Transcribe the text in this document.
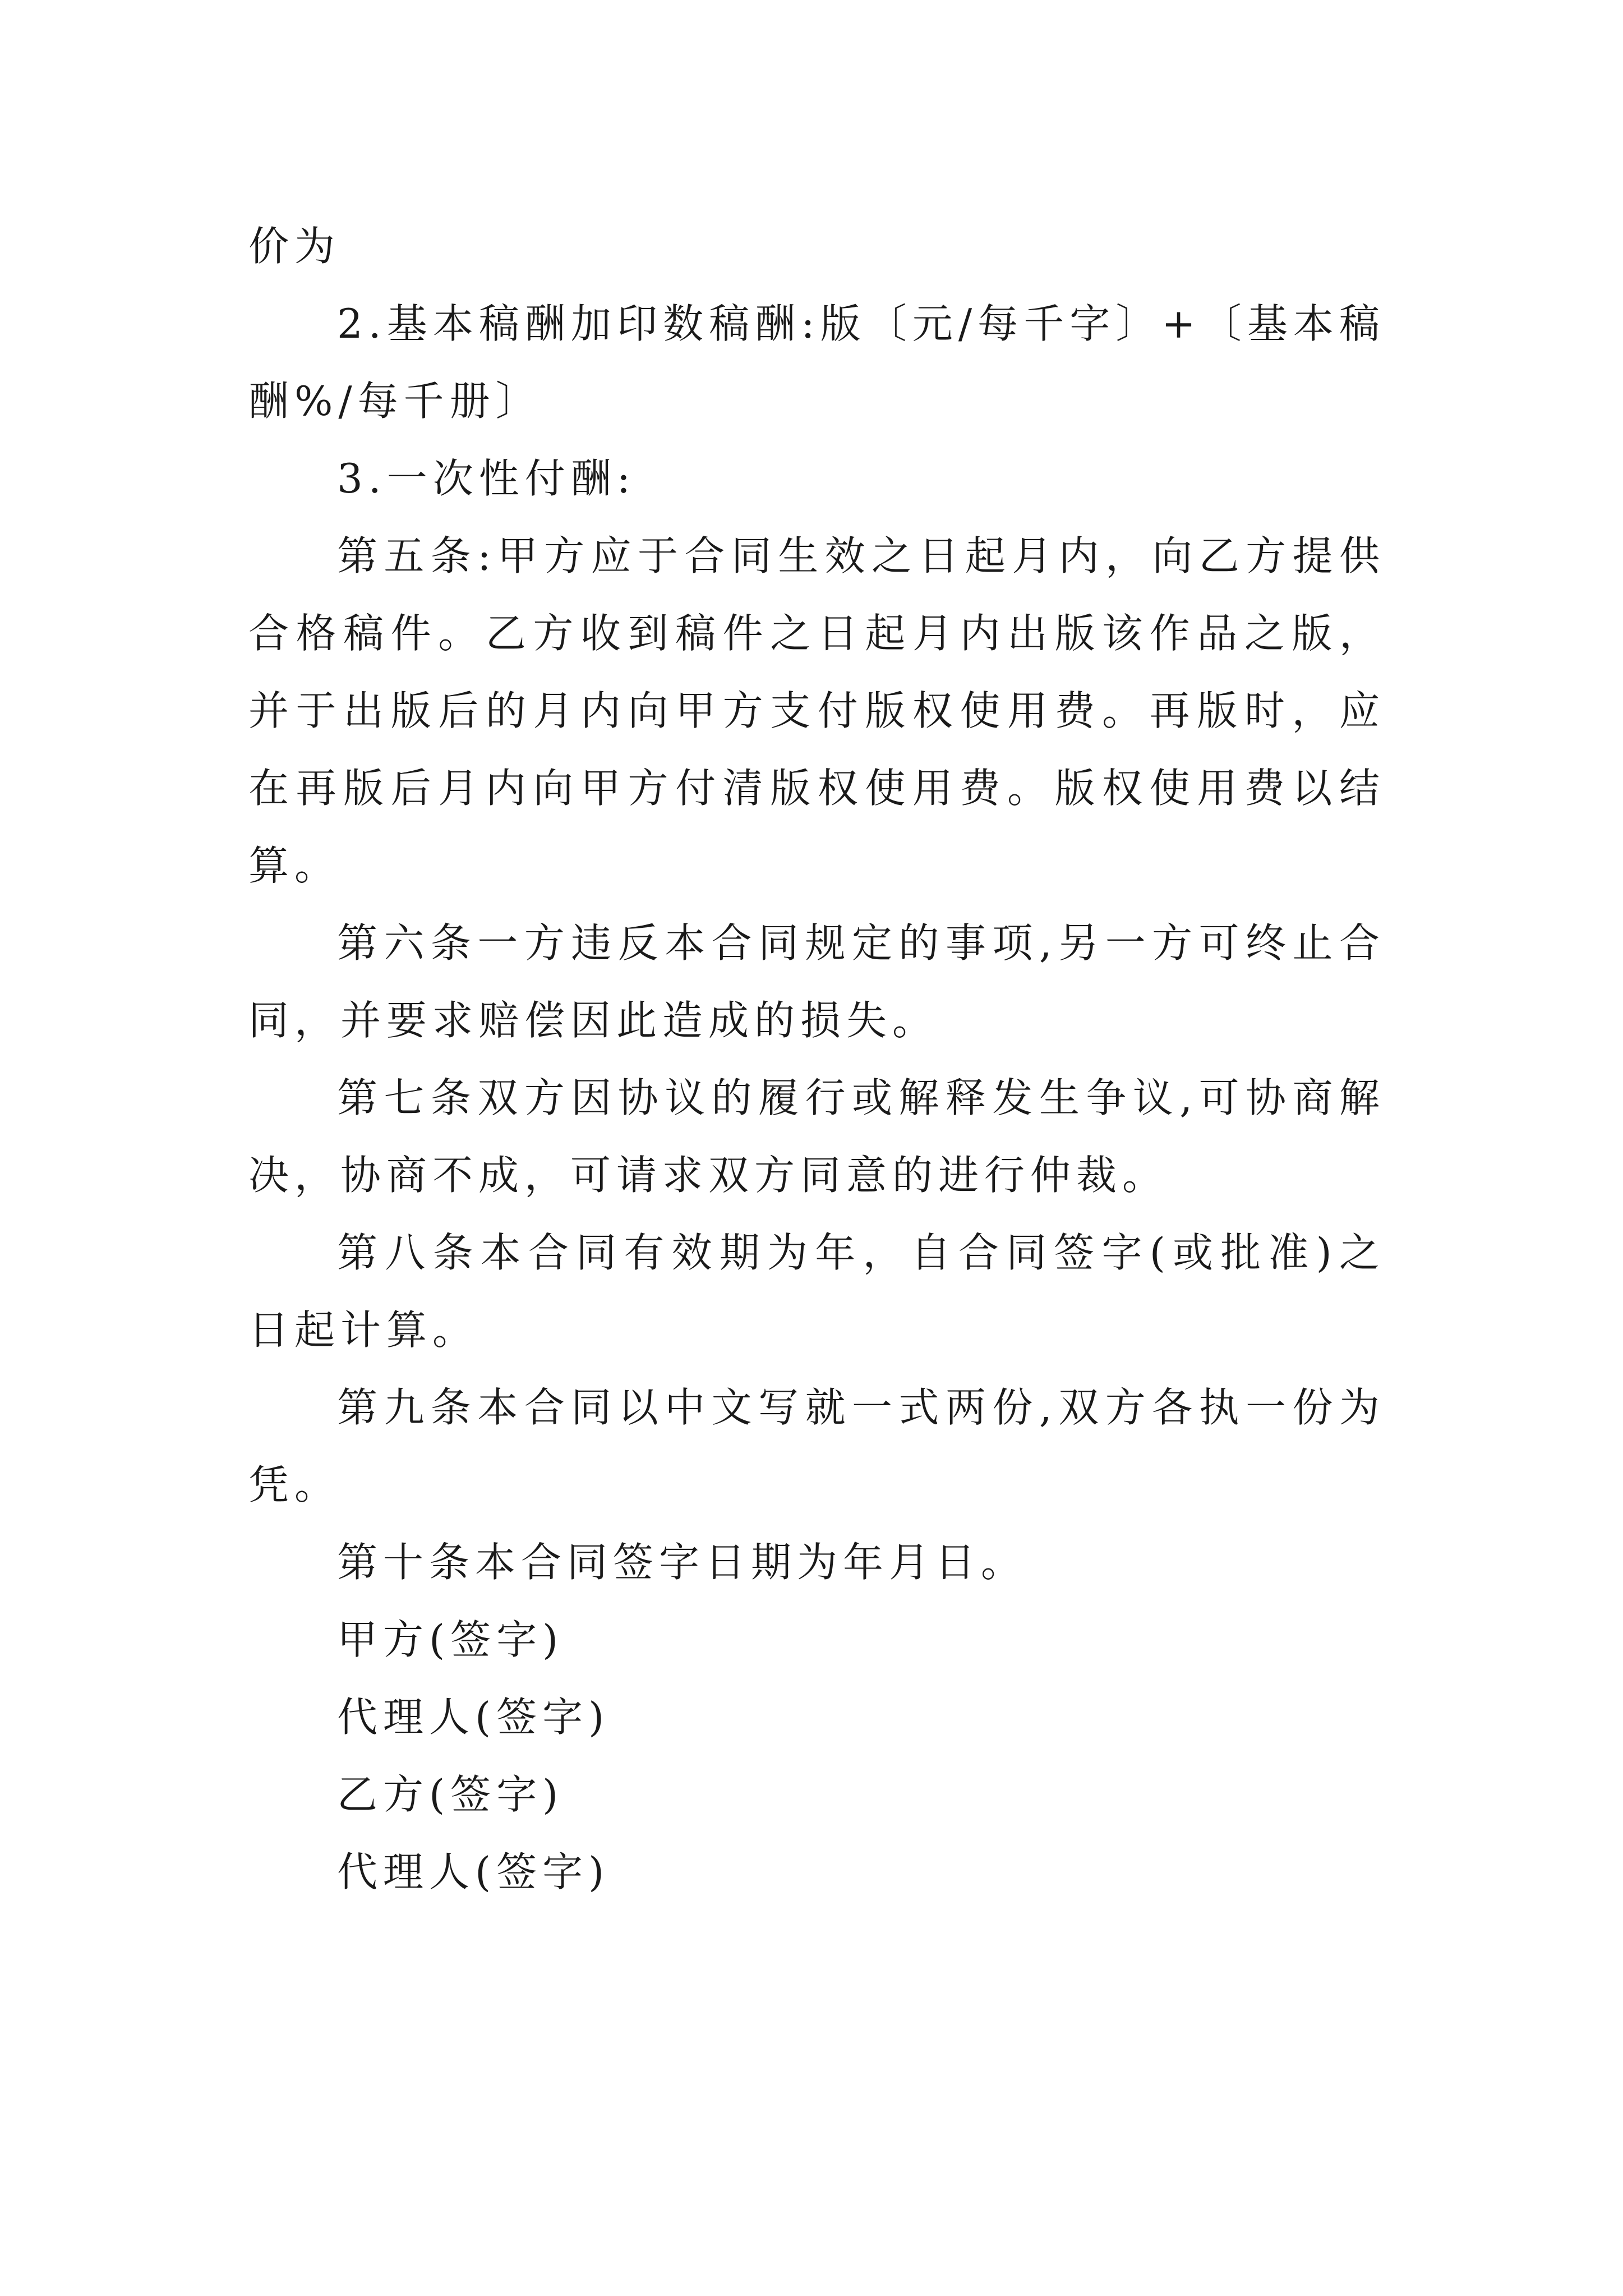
价为

2.基本稿酬加印数稿酬:版〔元/每千字〕+〔基本稿酬%/每千册〕

3.一次性付酬:

第五条:甲方应于合同生效之日起月内，向乙方提供合格稿件。乙方收到稿件之日起月内出版该作品之版，并于出版后的月内向甲方支付版权使用费。再版时，应在再版后月内向甲方付清版权使用费。版权使用费以结算。

第六条一方违反本合同规定的事项,另一方可终止合同，并要求赔偿因此造成的损失。

第七条双方因协议的履行或解释发生争议,可协商解决，协商不成，可请求双方同意的进行仲裁。

第八条本合同有效期为年，自合同签字(或批准)之日起计算。

第九条本合同以中文写就一式两份,双方各执一份为凭。

第十条本合同签字日期为年月日。

甲方(签字)

代理人(签字)

乙方(签字)

代理人(签字)
